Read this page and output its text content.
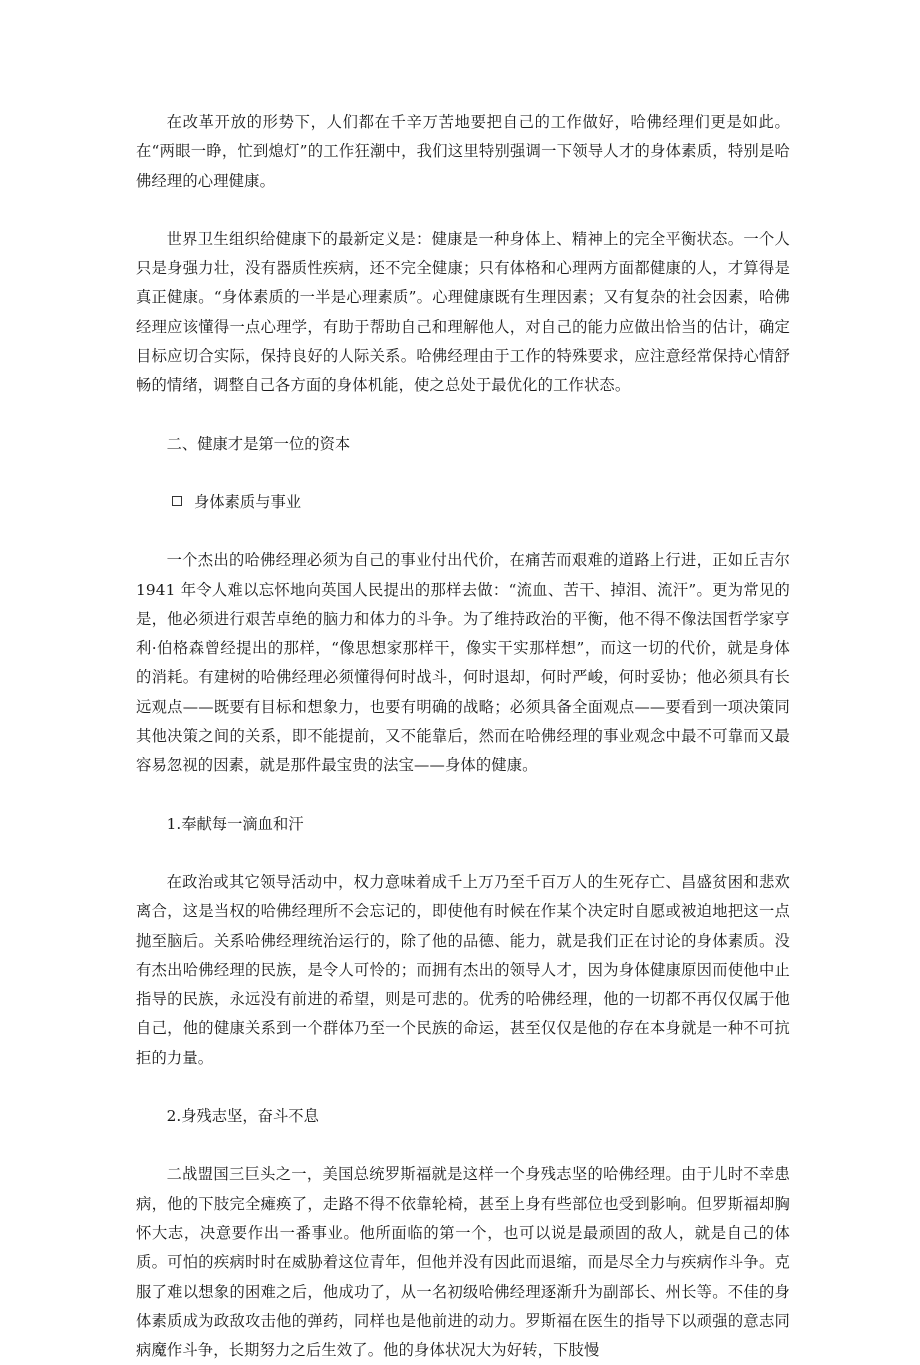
在改革开放的形势下，人们都在千辛万苦地要把自己的工作做好，哈佛经理们更是如此。在“两眼一睁，忙到熄灯”的工作狂潮中，我们这里特别强调一下领导人才的身体素质，特别是哈佛经理的心理健康。

世界卫生组织给健康下的最新定义是：健康是一种身体上、精神上的完全平衡状态。一个人只是身强力壮，没有器质性疾病，还不完全健康；只有体格和心理两方面都健康的人，才算得是真正健康。“身体素质的一半是心理素质”。心理健康既有生理因素；又有复杂的社会因素，哈佛经理应该懂得一点心理学，有助于帮助自己和理解他人，对自己的能力应做出恰当的估计，确定目标应切合实际，保持良好的人际关系。哈佛经理由于工作的特殊要求，应注意经常保持心情舒畅的情绪，调整自己各方面的身体机能，使之总处于最优化的工作状态。

二、健康才是第一位的资本

身体素质与事业

一个杰出的哈佛经理必须为自己的事业付出代价，在痛苦而艰难的道路上行进，正如丘吉尔 1941 年令人难以忘怀地向英国人民提出的那样去做：“流血、苦干、掉泪、流汗”。更为常见的是，他必须进行艰苦卓绝的脑力和体力的斗争。为了维持政治的平衡，他不得不像法国哲学家亨利·伯格森曾经提出的那样，“像思想家那样干，像实干实那样想”，而这一切的代价，就是身体的消耗。有建树的哈佛经理必须懂得何时战斗，何时退却，何时严峻，何时妥协；他必须具有长远观点——既要有目标和想象力，也要有明确的战略；必须具备全面观点——要看到一项决策同其他决策之间的关系，即不能提前，又不能靠后，然而在哈佛经理的事业观念中最不可靠而又最容易忽视的因素，就是那件最宝贵的法宝——身体的健康。

1.奉献每一滴血和汗

在政治或其它领导活动中，权力意味着成千上万乃至千百万人的生死存亡、昌盛贫困和悲欢离合，这是当权的哈佛经理所不会忘记的，即使他有时候在作某个决定时自愿或被迫地把这一点抛至脑后。关系哈佛经理统治运行的，除了他的品德、能力，就是我们正在讨论的身体素质。没有杰出哈佛经理的民族，是令人可怜的；而拥有杰出的领导人才，因为身体健康原因而使他中止指导的民族，永远没有前进的希望，则是可悲的。优秀的哈佛经理，他的一切都不再仅仅属于他自己，他的健康关系到一个群体乃至一个民族的命运，甚至仅仅是他的存在本身就是一种不可抗拒的力量。

2.身残志坚，奋斗不息

二战盟国三巨头之一，美国总统罗斯福就是这样一个身残志坚的哈佛经理。由于儿时不幸患病，他的下肢完全瘫痪了，走路不得不依靠轮椅，甚至上身有些部位也受到影响。但罗斯福却胸怀大志，决意要作出一番事业。他所面临的第一个，也可以说是最顽固的敌人，就是自己的体质。可怕的疾病时时在威胁着这位青年，但他并没有因此而退缩，而是尽全力与疾病作斗争。克服了难以想象的困难之后，他成功了，从一名初级哈佛经理逐渐升为副部长、州长等。不佳的身体素质成为政敌攻击他的弹药，同样也是他前进的动力。罗斯福在医生的指导下以顽强的意志同病魔作斗争，长期努力之后生效了。他的身体状况大为好转，下肢慢
